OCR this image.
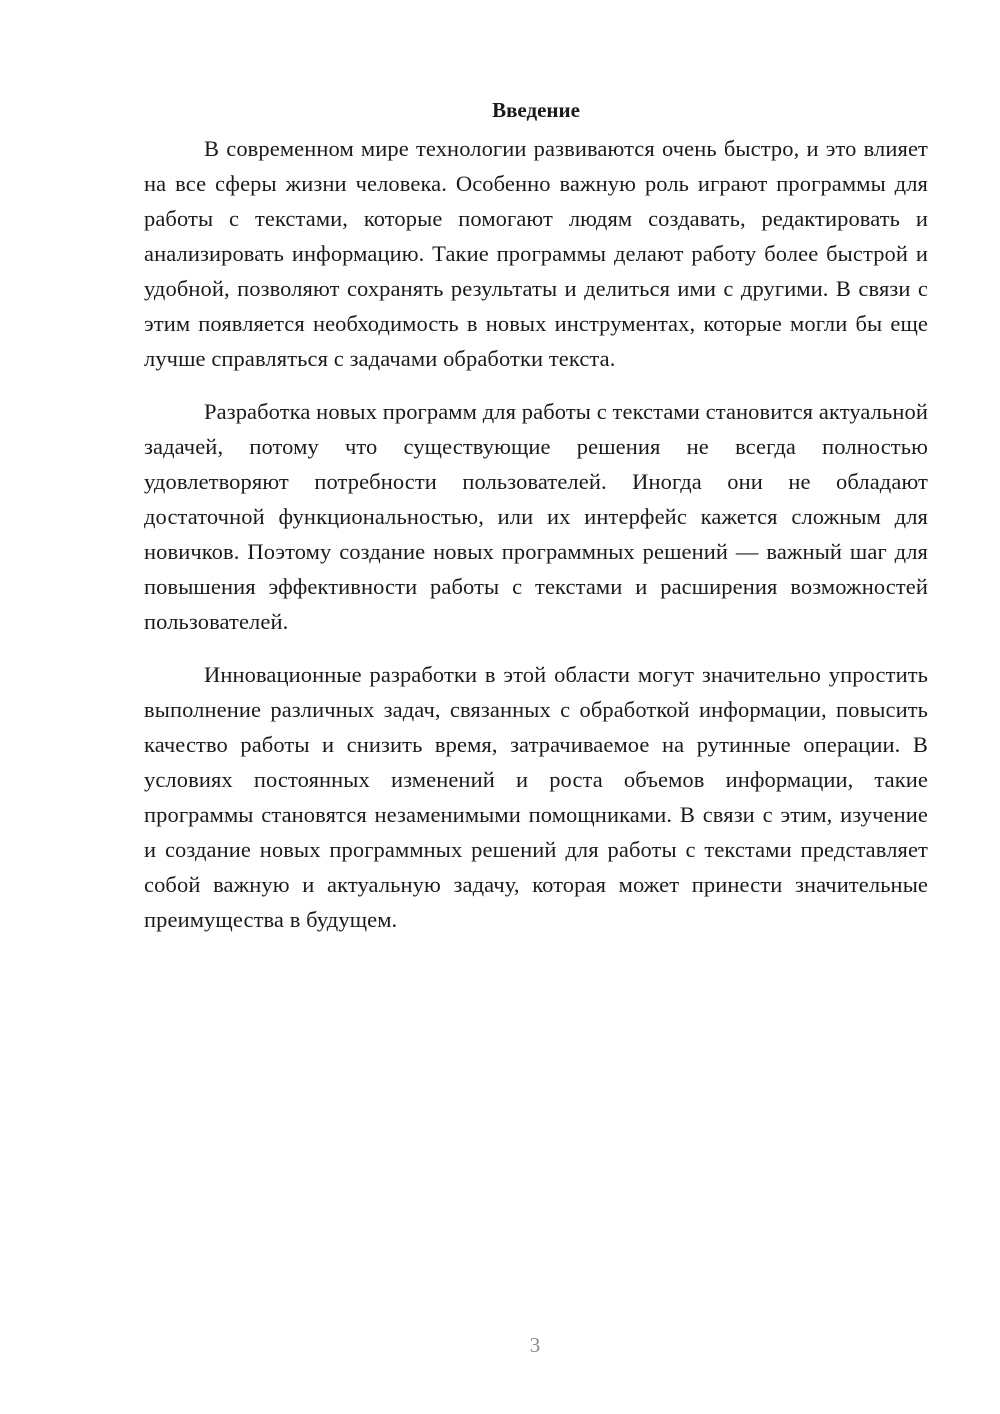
Введение

В современном мире технологии развиваются очень быстро, и это влияет на все сферы жизни человека. Особенно важную роль играют программы для работы с текстами, которые помогают людям создавать, редактировать и анализировать информацию. Такие программы делают работу более быстрой и удобной, позволяют сохранять результаты и делиться ими с другими. В связи с этим появляется необходимость в новых инструментах, которые могли бы еще лучше справляться с задачами обработки текста.

Разработка новых программ для работы с текстами становится актуальной задачей, потому что существующие решения не всегда полностью удовлетворяют потребности пользователей. Иногда они не обладают достаточной функциональностью, или их интерфейс кажется сложным для новичков. Поэтому создание новых программных решений — важный шаг для повышения эффективности работы с текстами и расширения возможностей пользователей.

Инновационные разработки в этой области могут значительно упростить выполнение различных задач, связанных с обработкой информации, повысить качество работы и снизить время, затрачиваемое на рутинные операции. В условиях постоянных изменений и роста объемов информации, такие программы становятся незаменимыми помощниками. В связи с этим, изучение и создание новых программных решений для работы с текстами представляет собой важную и актуальную задачу, которая может принести значительные преимущества в будущем.

3
